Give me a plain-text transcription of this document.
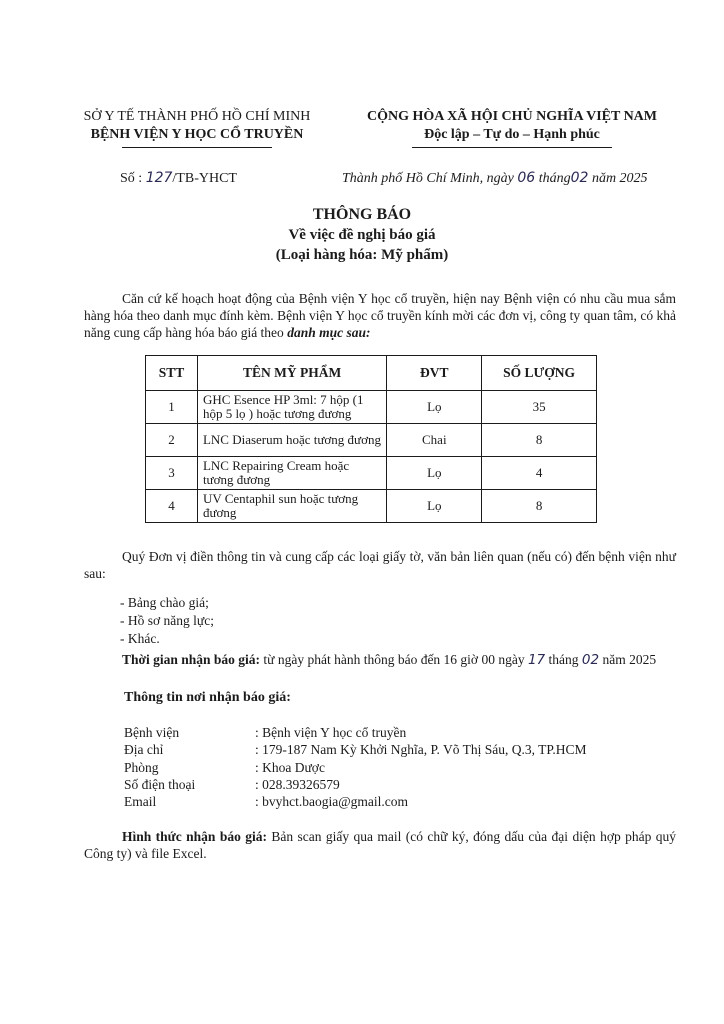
SỞ Y TẾ THÀNH PHỐ HỒ CHÍ MINH
BỆNH VIỆN Y HỌC CỔ TRUYỀN
CỘNG HÒA XÃ HỘI CHỦ NGHĨA VIỆT NAM
Độc lập – Tự do – Hạnh phúc
Số : 127/TB-YHCT	Thành phố Hồ Chí Minh, ngày 06 tháng02 năm 2025
THÔNG BÁO
Về việc đề nghị báo giá
(Loại hàng hóa: Mỹ phẩm)
Căn cứ kế hoạch hoạt động của Bệnh viện Y học cổ truyền, hiện nay Bệnh viện có nhu cầu mua sắm hàng hóa theo danh mục đính kèm. Bệnh viện Y học cổ truyền kính mời các đơn vị, công ty quan tâm, có khả năng cung cấp hàng hóa báo giá theo danh mục sau:
STT	TÊN MỸ PHẨM	ĐVT	SỐ LƯỢNG
1	GHC Esence HP 3ml: 7 hộp (1 hộp 5 lọ ) hoặc tương đương	Lọ	35
2	LNC Diaserum hoặc tương đương	Chai	8
3	LNC Repairing Cream hoặc tương đương	Lọ	4
4	UV Centaphil sun hoặc tương đương	Lọ	8
Quý Đơn vị điền thông tin và cung cấp các loại giấy tờ, văn bản liên quan (nếu có) đến bệnh viện như sau:
- Bảng chào giá;
- Hồ sơ năng lực;
- Khác.
Thời gian nhận báo giá: từ ngày phát hành thông báo đến 16 giờ 00 ngày 17 tháng 02 năm 2025
Thông tin nơi nhận báo giá:
Bệnh viện	: Bệnh viện Y học cổ truyền
Địa chỉ	: 179-187 Nam Kỳ Khởi Nghĩa, P. Võ Thị Sáu, Q.3, TP.HCM
Phòng	: Khoa Dược
Số điện thoại	: 028.39326579
Email	: bvyhct.baogia@gmail.com
Hình thức nhận báo giá: Bản scan giấy qua mail (có chữ ký, đóng dấu của đại diện hợp pháp quý Công ty) và file Excel.
